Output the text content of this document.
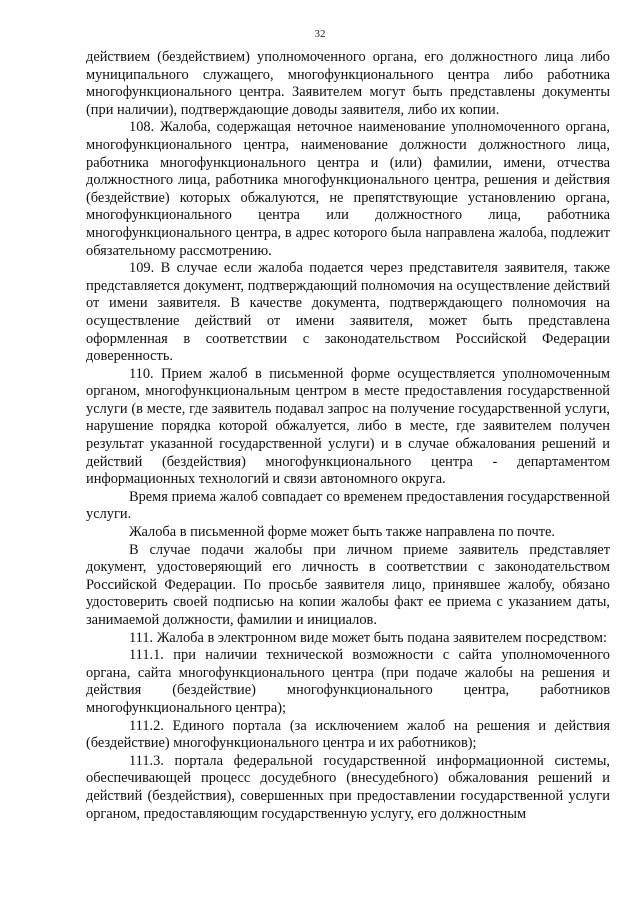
32

действием (бездействием) уполномоченного органа, его должностного лица либо муниципального служащего, многофункционального центра либо работника многофункционального центра. Заявителем могут быть представлены документы (при наличии), подтверждающие доводы заявителя, либо их копии.

108. Жалоба, содержащая неточное наименование уполномоченного органа, многофункционального центра, наименование должности должностного лица, работника многофункционального центра и (или) фамилии, имени, отчества должностного лица, работника многофункционального центра, решения и действия (бездействие) которых обжалуются, не препятствующие установлению органа, многофункционального центра или должностного лица, работника многофункционального центра, в адрес которого была направлена жалоба, подлежит обязательному рассмотрению.

109. В случае если жалоба подается через представителя заявителя, также представляется документ, подтверждающий полномочия на осуществление действий от имени заявителя. В качестве документа, подтверждающего полномочия на осуществление действий от имени заявителя, может быть представлена оформленная в соответствии с законодательством Российской Федерации доверенность.

110. Прием жалоб в письменной форме осуществляется уполномоченным органом, многофункциональным центром в месте предоставления государственной услуги (в месте, где заявитель подавал запрос на получение государственной услуги, нарушение порядка которой обжалуется, либо в месте, где заявителем получен результат указанной государственной услуги) и в случае обжалования решений и действий (бездействия) многофункционального центра - департаментом информационных технологий и связи автономного округа.

Время приема жалоб совпадает со временем предоставления государственной услуги.

Жалоба в письменной форме может быть также направлена по почте.

В случае подачи жалобы при личном приеме заявитель представляет документ, удостоверяющий его личность в соответствии с законодательством Российской Федерации. По просьбе заявителя лицо, принявшее жалобу, обязано удостоверить своей подписью на копии жалобы факт ее приема с указанием даты, занимаемой должности, фамилии и инициалов.

111. Жалоба в электронном виде может быть подана заявителем посредством:

111.1. при наличии технической возможности с сайта уполномоченного органа, сайта многофункционального центра (при подаче жалобы на решения и действия (бездействие) многофункционального центра, работников многофункционального центра);

111.2. Единого портала (за исключением жалоб на решения и действия (бездействие) многофункционального центра и их работников);

111.3. портала федеральной государственной информационной системы, обеспечивающей процесс досудебного (внесудебного) обжалования решений и действий (бездействия), совершенных при предоставлении государственной услуги органом, предоставляющим государственную услугу, его должностным
